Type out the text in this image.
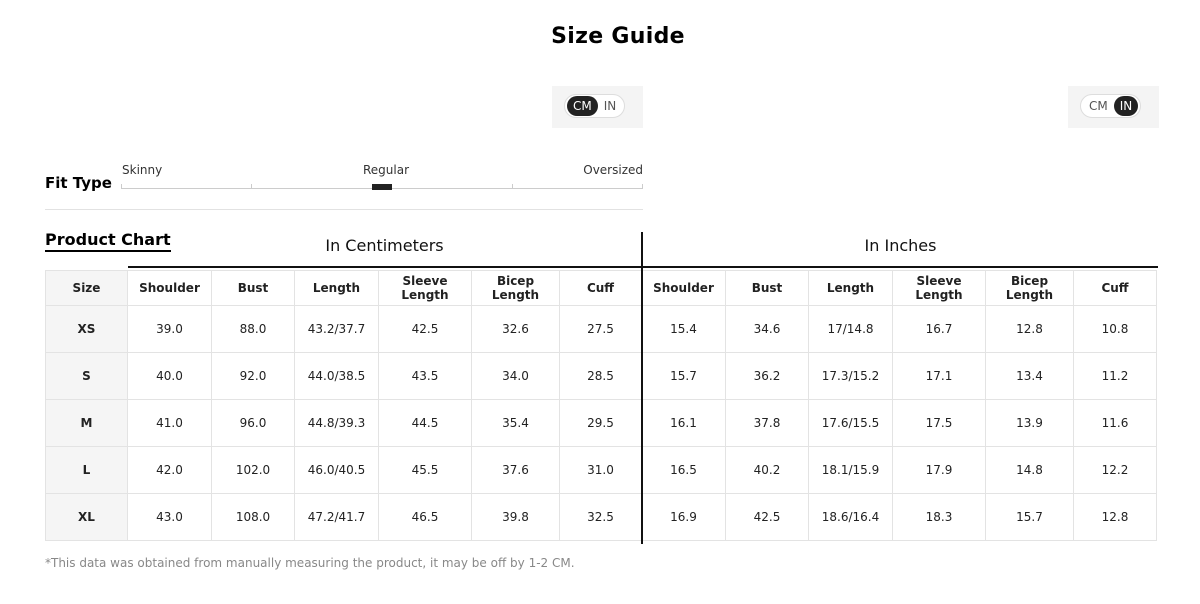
Size Guide
CM	IN	CM	IN
Fit Type
Skinny	Regular	Oversized
Product Chart	In Centimeters	In Inches
Size	Shoulder	Bust	Length	Sleeve Length	Bicep Length	Cuff	Shoulder	Bust	Length	Sleeve Length	Bicep Length	Cuff
XS	39.0	88.0	43.2/37.7	42.5	32.6	27.5	15.4	34.6	17/14.8	16.7	12.8	10.8
S	40.0	92.0	44.0/38.5	43.5	34.0	28.5	15.7	36.2	17.3/15.2	17.1	13.4	11.2
M	41.0	96.0	44.8/39.3	44.5	35.4	29.5	16.1	37.8	17.6/15.5	17.5	13.9	11.6
L	42.0	102.0	46.0/40.5	45.5	37.6	31.0	16.5	40.2	18.1/15.9	17.9	14.8	12.2
XL	43.0	108.0	47.2/41.7	46.5	39.8	32.5	16.9	42.5	18.6/16.4	18.3	15.7	12.8
*This data was obtained from manually measuring the product, it may be off by 1-2 CM.
